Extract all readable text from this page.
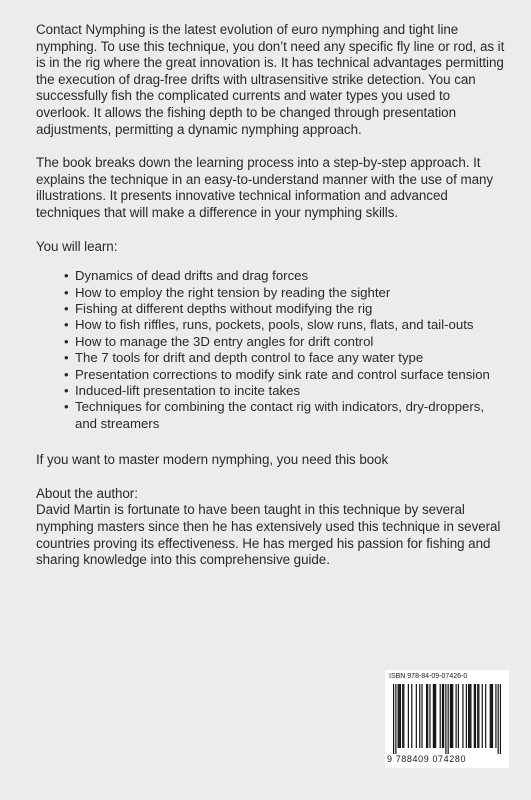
Contact Nymphing is the latest evolution of euro nymphing and tight line nymphing. To use this technique, you don’t need any specific fly line or rod, as it is in the rig where the great innovation is. It has technical advantages permitting the execution of drag-free drifts with ultrasensitive strike detection. You can successfully fish the complicated currents and water types you used to overlook. It allows the fishing depth to be changed through presentation adjustments, permitting a dynamic nymphing approach.

The book breaks down the learning process into a step-by-step approach. It explains the technique in an easy-to-understand manner with the use of many illustrations. It presents innovative technical information and advanced techniques that will make a difference in your nymphing skills.

You will learn:

• Dynamics of dead drifts and drag forces
• How to employ the right tension by reading the sighter
• Fishing at different depths without modifying the rig
• How to fish riffles, runs, pockets, pools, slow runs, flats, and tail-outs
• How to manage the 3D entry angles for drift control
• The 7 tools for drift and depth control to face any water type
• Presentation corrections to modify sink rate and control surface tension
• Induced-lift presentation to incite takes
• Techniques for combining the contact rig with indicators, dry-droppers, and streamers

If you want to master modern nymphing, you need this book

About the author:

David Martin is fortunate to have been taught in this technique by several nymphing masters since then he has extensively used this technique in several countries proving its effectiveness. He has merged his passion for fishing and sharing knowledge into this comprehensive guide.

ISBN 978-84-09-07426-0
9 788409 074280
